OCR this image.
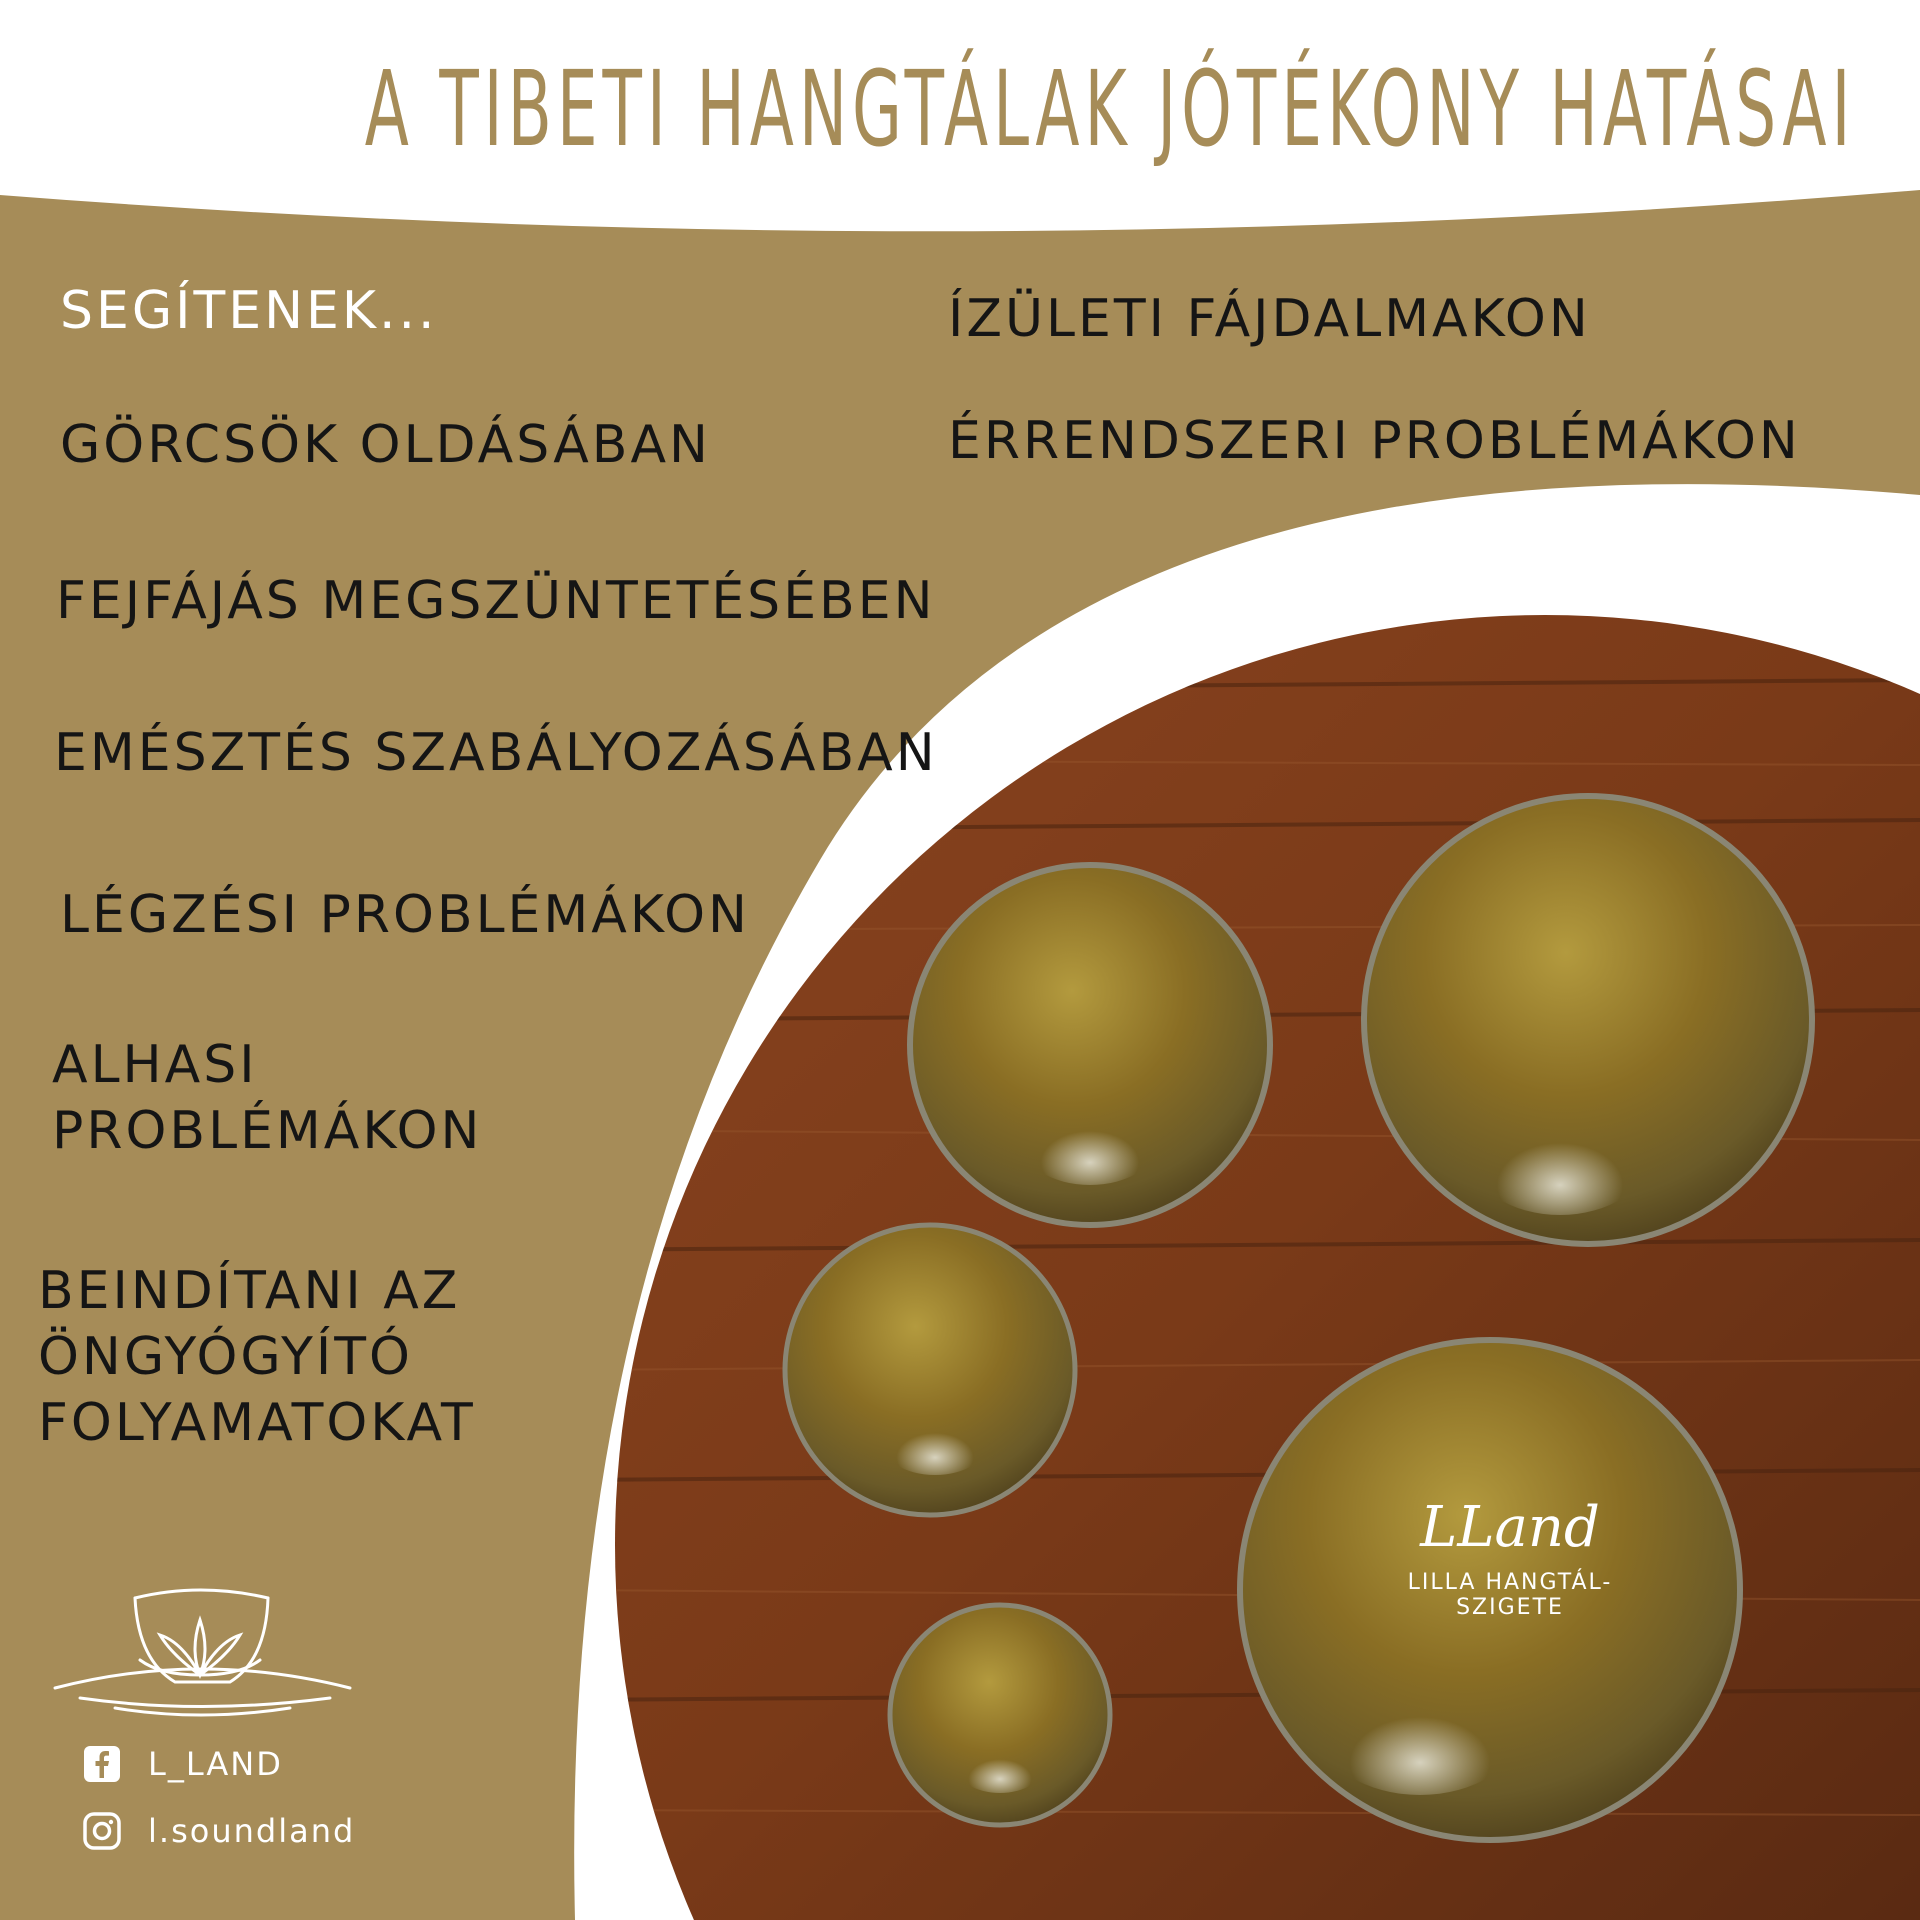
A TIBETI HANGTÁLAK JÓTÉKONY HATÁSAI
SEGÍTENEK...	ÍZÜLETI FÁJDALMAKON
ÉRRENDSZERI PROBLÉMÁKON
GÖRCSÖK OLDÁSÁBAN
FEJFÁJÁS MEGSZÜNTETÉSÉBEN
EMÉSZTÉS SZABÁLYOZÁSÁBAN
LÉGZÉSI PROBLÉMÁKON
ALHASI
PROBLÉMÁKON
BEINDÍTANI AZ
ÖNGYÓGYÍTÓ
FOLYAMATOKAT
LLand
LILLA HANGTÁL-SZIGETE
L_LAND
l.soundland
